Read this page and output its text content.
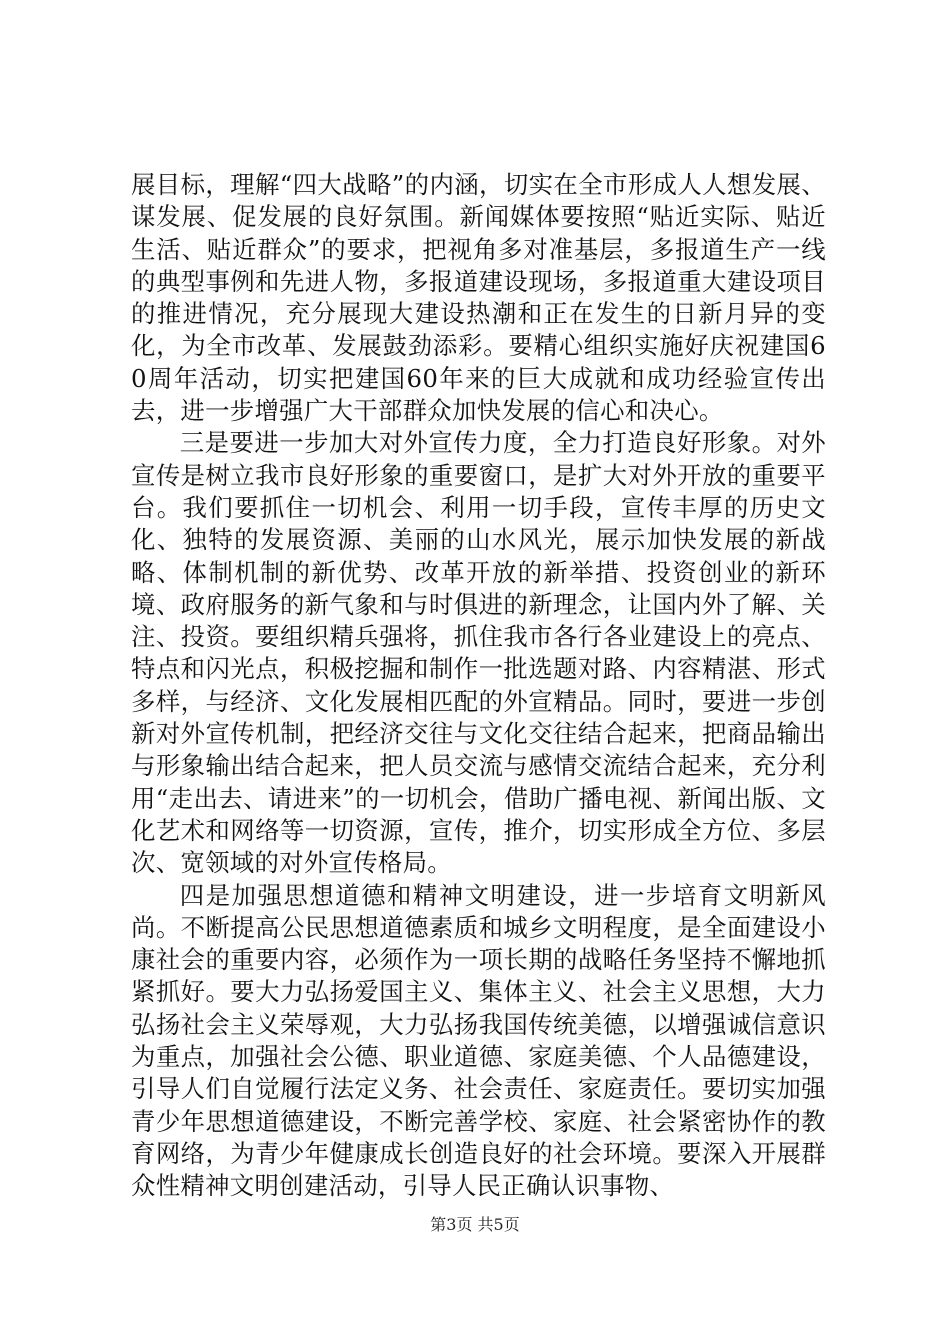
展目标，理解“四大战略”的内涵，切实在全市形成人人想发展、谋发展、促发展的良好氛围。新闻媒体要按照“贴近实际、贴近生活、贴近群众”的要求，把视角多对准基层，多报道生产一线的典型事例和先进人物，多报道建设现场，多报道重大建设项目的推进情况，充分展现大建设热潮和正在发生的日新月异的变化，为全市改革、发展鼓劲添彩。要精心组织实施好庆祝建国60周年活动，切实把建国60年来的巨大成就和成功经验宣传出去，进一步增强广大干部群众加快发展的信心和决心。

三是要进一步加大对外宣传力度，全力打造良好形象。对外宣传是树立我市良好形象的重要窗口，是扩大对外开放的重要平台。我们要抓住一切机会、利用一切手段，宣传丰厚的历史文化、独特的发展资源、美丽的山水风光，展示加快发展的新战略、体制机制的新优势、改革开放的新举措、投资创业的新环境、政府服务的新气象和与时俱进的新理念，让国内外了解、关注、投资。要组织精兵强将，抓住我市各行各业建设上的亮点、特点和闪光点，积极挖掘和制作一批选题对路、内容精湛、形式多样，与经济、文化发展相匹配的外宣精品。同时，要进一步创新对外宣传机制，把经济交往与文化交往结合起来，把商品输出与形象输出结合起来，把人员交流与感情交流结合起来，充分利用“走出去、请进来”的一切机会，借助广播电视、新闻出版、文化艺术和网络等一切资源，宣传，推介，切实形成全方位、多层次、宽领域的对外宣传格局。

四是加强思想道德和精神文明建设，进一步培育文明新风尚。不断提高公民思想道德素质和城乡文明程度，是全面建设小康社会的重要内容，必须作为一项长期的战略任务坚持不懈地抓紧抓好。要大力弘扬爱国主义、集体主义、社会主义思想，大力弘扬社会主义荣辱观，大力弘扬我国传统美德，以增强诚信意识为重点，加强社会公德、职业道德、家庭美德、个人品德建设，引导人们自觉履行法定义务、社会责任、家庭责任。要切实加强青少年思想道德建设，不断完善学校、家庭、社会紧密协作的教育网络，为青少年健康成长创造良好的社会环境。要深入开展群众性精神文明创建活动，引导人民正确认识事物、

第3页 共5页
